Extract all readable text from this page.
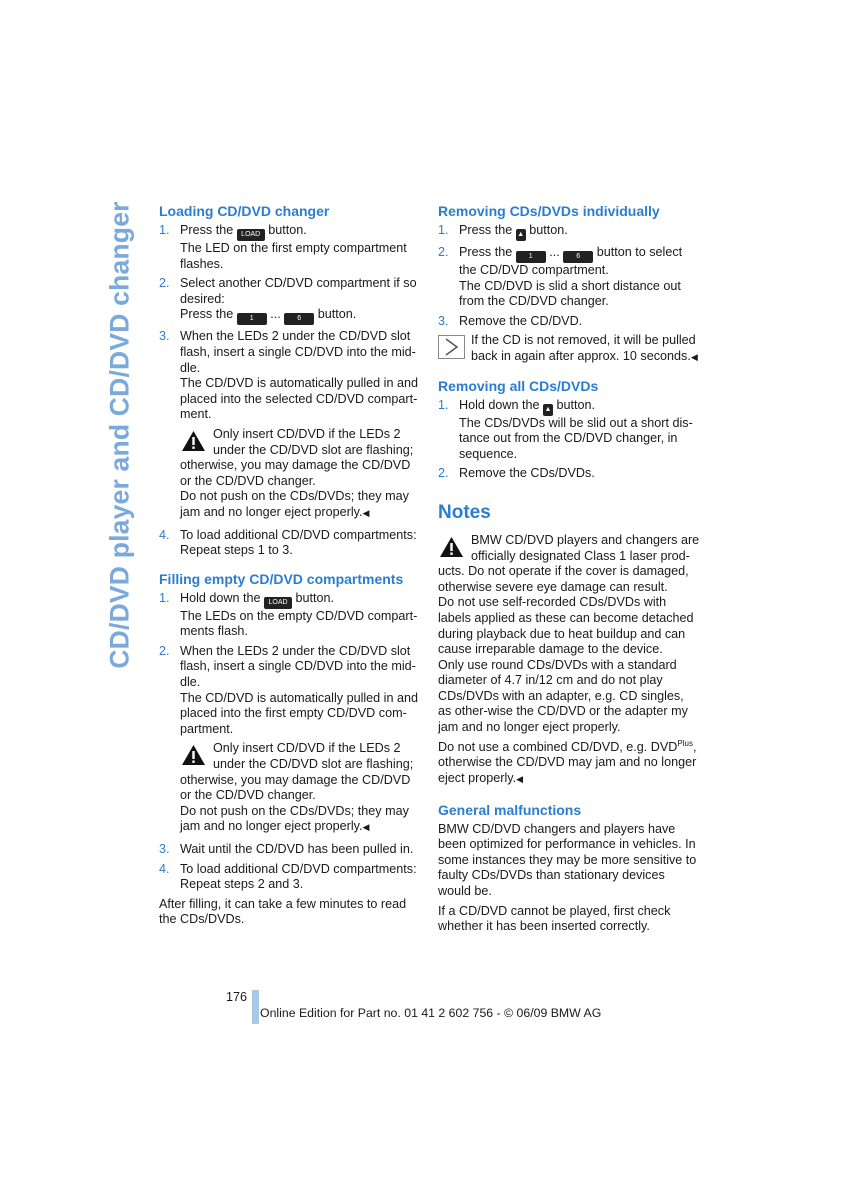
CD/DVD player and CD/DVD changer Loading CD/DVD changer
1. Press the LOAD button.
The LED on the first empty compartment flashes.
2. Select another CD/DVD compartment if so desired:
Press the 1 ... 6 button.
3. When the LEDs 2 under the CD/DVD slot flash, insert a single CD/DVD into the mid-dle.
The CD/DVD is automatically pulled in and placed into the selected CD/DVD compart-ment.
Only insert CD/DVD if the LEDs 2 under the CD/DVD slot are flashing; otherwise, you may damage the CD/DVD or the CD/DVD changer.
Do not push on the CDs/DVDs; they may jam and no longer eject properly.◀
4. To load additional CD/DVD compartments: Repeat steps 1 to 3.
Filling empty CD/DVD compartments
1. Hold down the LOAD button.
The LEDs on the empty CD/DVD compart-ments flash.
2. When the LEDs 2 under the CD/DVD slot flash, insert a single CD/DVD into the mid-dle.
The CD/DVD is automatically pulled in and placed into the first empty CD/DVD com-partment.
Only insert CD/DVD if the LEDs 2 under the CD/DVD slot are flashing; otherwise, you may damage the CD/DVD or the CD/DVD changer.
Do not push on the CDs/DVDs; they may jam and no longer eject properly.◀
3. Wait until the CD/DVD has been pulled in.
4. To load additional CD/DVD compartments: Repeat steps 2 and 3.

After filling, it can take a few minutes to read the CDs/DVDs.

Removing CDs/DVDs individually
1. Press the ▲ button.
2. Press the 1 ... 6 button to select the CD/DVD compartment.
The CD/DVD is slid a short distance out from the CD/DVD changer.
3. Remove the CD/DVD.
If the CD is not removed, it will be pulled back in again after approx. 10 seconds.◀
Removing all CDs/DVDs
1. Hold down the ▲ button.
The CDs/DVDs will be slid out a short dis-tance out from the CD/DVD changer, in sequence.
2. Remove the CDs/DVDs.
Notes
BMW CD/DVD players and changers are officially designated Class 1 laser prod-ucts. Do not operate if the cover is damaged, otherwise severe eye damage can result.
Do not use self-recorded CDs/DVDs with labels applied as these can become detached during playback due to heat buildup and can cause irreparable damage to the device.
Only use round CDs/DVDs with a standard diameter of 4.7 in/12 cm and do not play CDs/DVDs with an adapter, e.g. CD singles, as other-wise the CD/DVD or the adapter my jam and no longer eject properly.
Do not use a combined CD/DVD, e.g. $DVD^{Plus}$, otherwise the CD/DVD may jam and no longer eject properly.◀
General malfunctions

BMW CD/DVD changers and players have been optimized for performance in vehicles. In some instances they may be more sensitive to faulty CDs/DVDs than stationary devices would be.

If a CD/DVD cannot be played, first check whether it has been inserted correctly.

176
Online Edition for Part no. 01 41 2 602 756 - © 06/09 BMW AG
